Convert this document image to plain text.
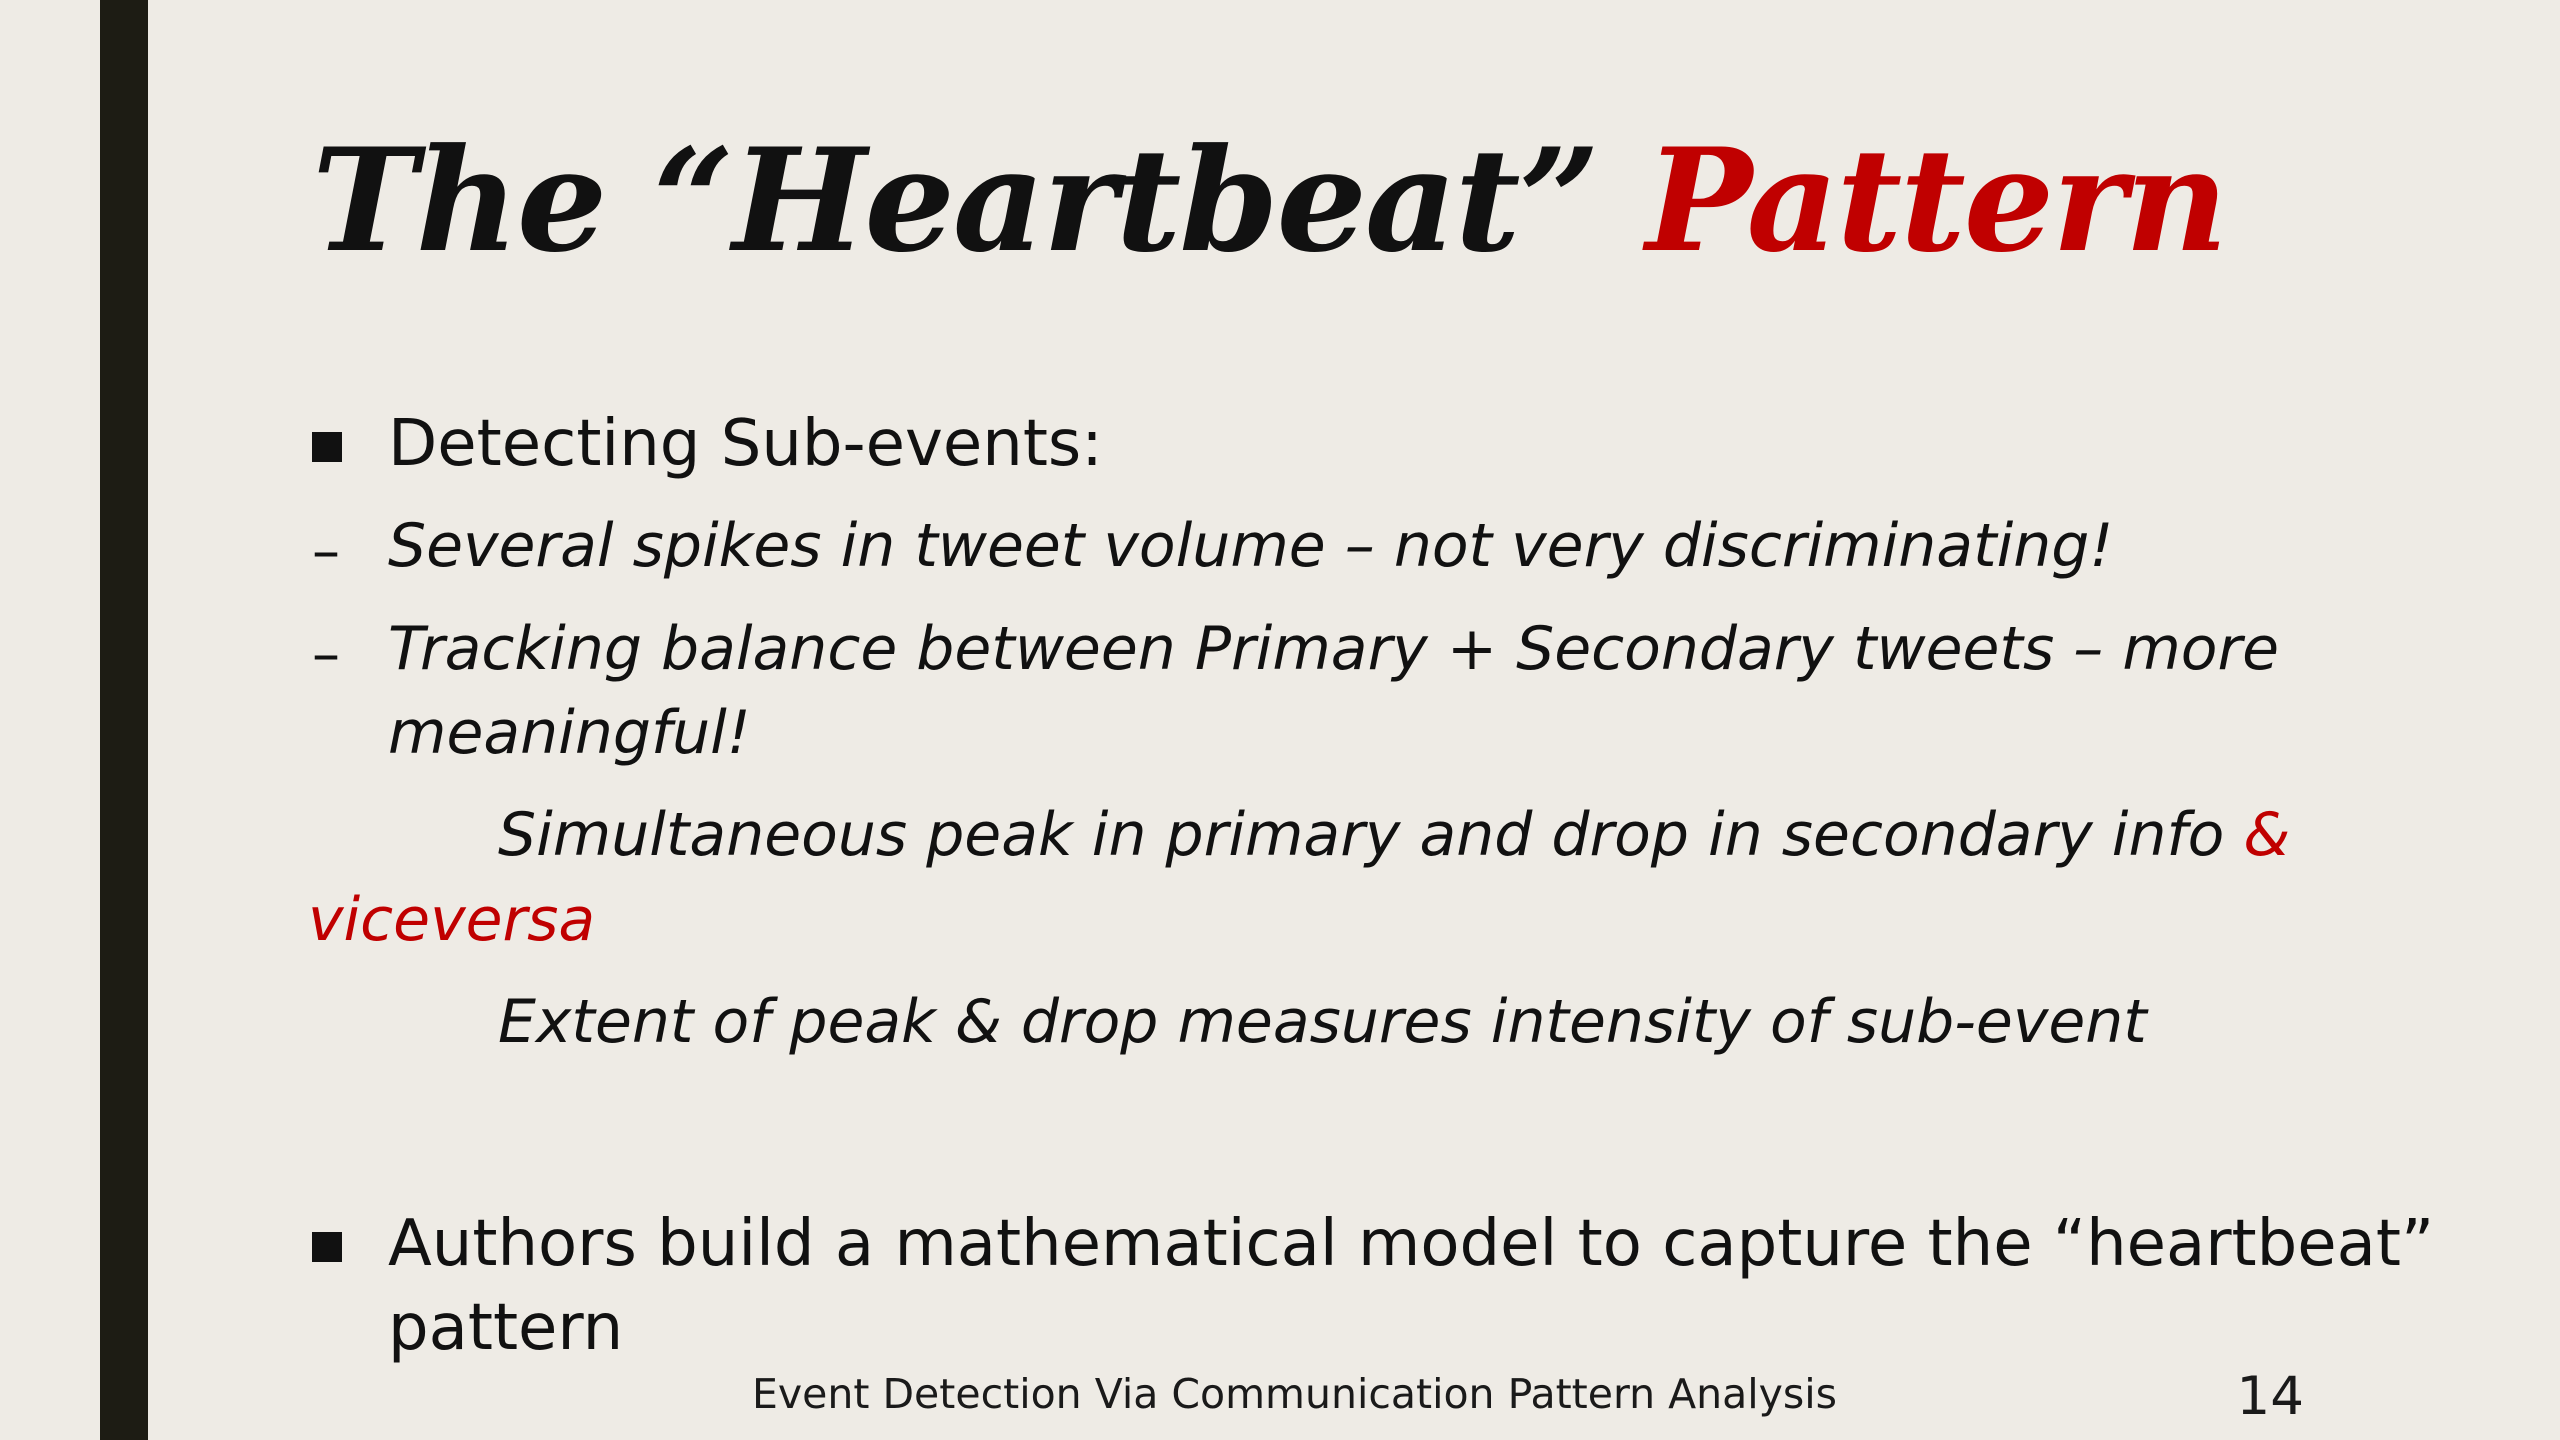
The “Heartbeat” Pattern

Detecting Sub-events:

– Several spikes in tweet volume – not very discriminating!

– Tracking balance between Primary + Secondary tweets – more

meaningful!

Simultaneous peak in primary and drop in secondary info &

viceversa

Extent of peak & drop measures intensity of sub-event

Authors build a mathematical model to capture the “heartbeat”

pattern

Event Detection Via Communication Pattern Analysis	14
